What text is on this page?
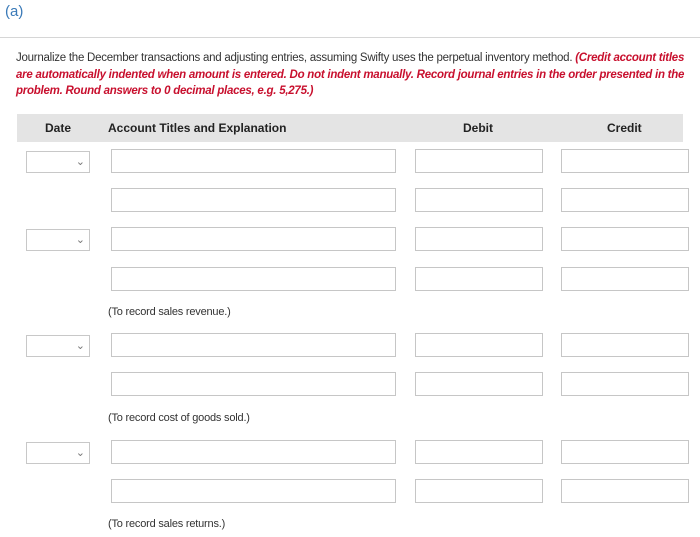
(a)
Journalize the December transactions and adjusting entries, assuming Swifty uses the perpetual inventory method. (Credit account titles are automatically indented when amount is entered. Do not indent manually. Record journal entries in the order presented in the problem. Round answers to 0 decimal places, e.g. 5,275.)
Date	Account Titles and Explanation	Debit	Credit
⌄
⌄
(To record sales revenue.)
⌄
(To record cost of goods sold.)
⌄
(To record sales returns.)
